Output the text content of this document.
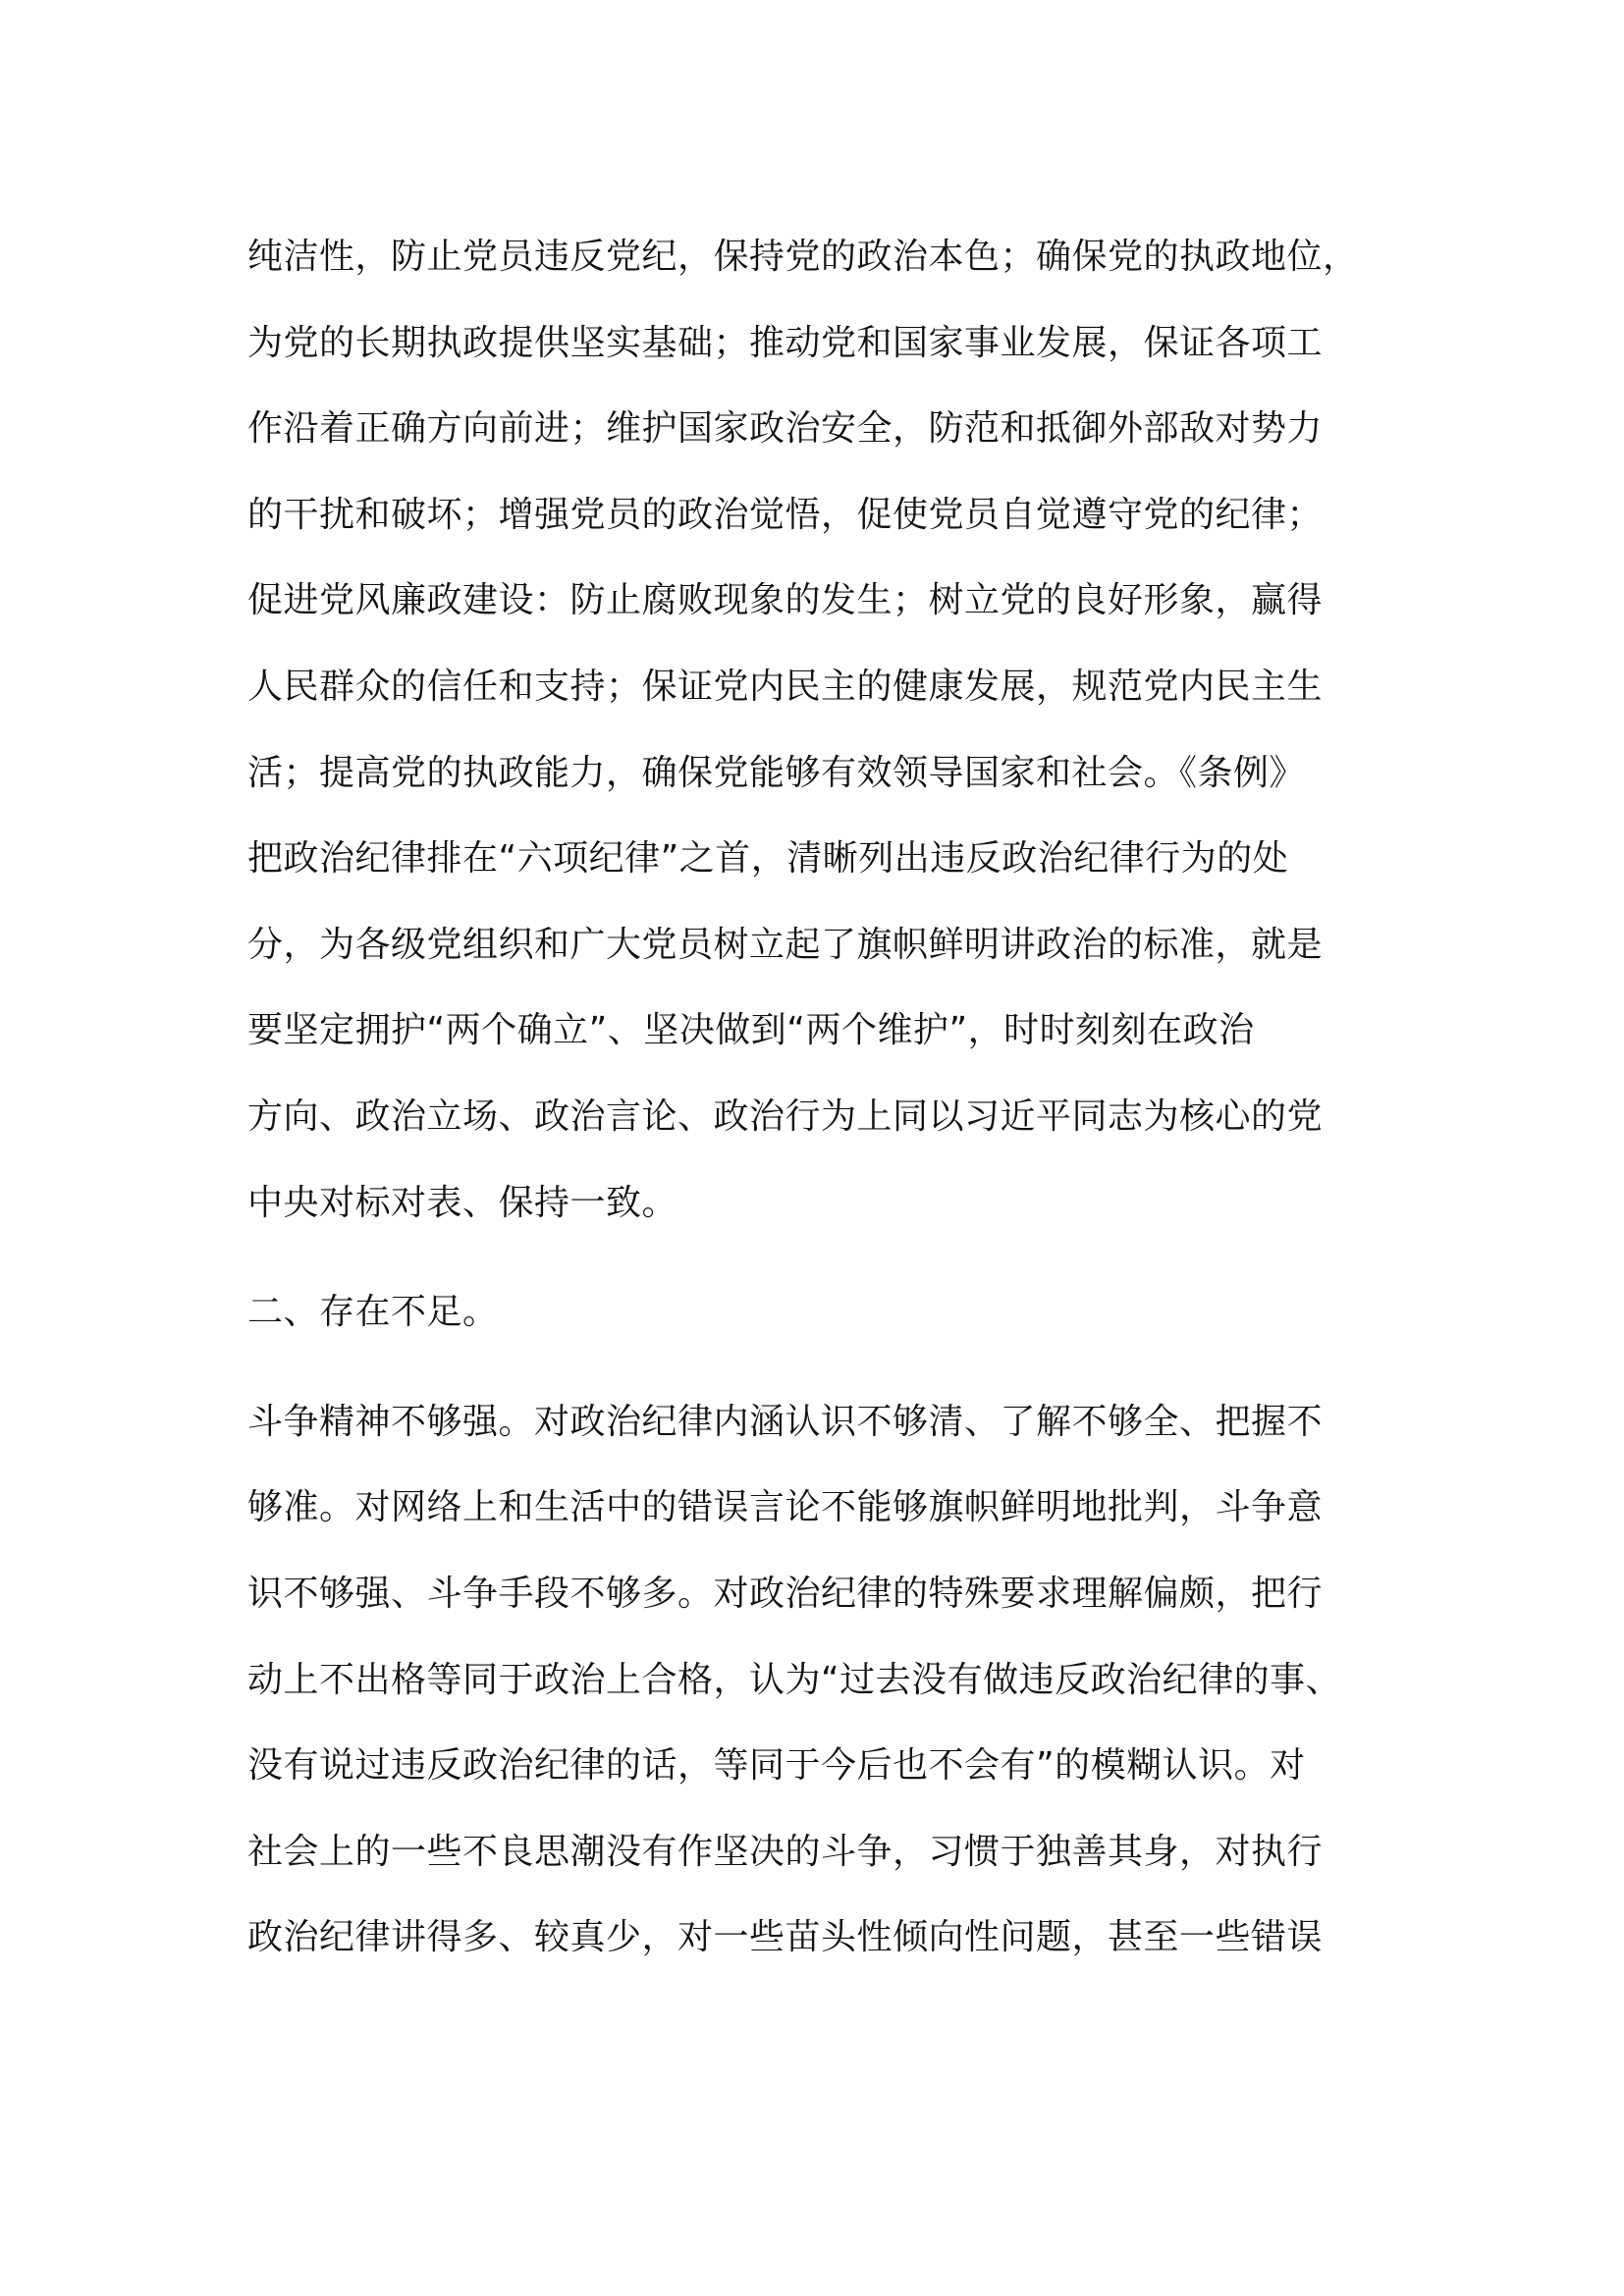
纯洁性，防止党员违反党纪，保持党的政治本色；确保党的执政地位，
为党的长期执政提供坚实基础；推动党和国家事业发展，保证各项工
作沿着正确方向前进；维护国家政治安全，防范和抵御外部敌对势力
的干扰和破坏；增强党员的政治觉悟，促使党员自觉遵守党的纪律；
促进党风廉政建设：防止腐败现象的发生；树立党的良好形象，赢得
人民群众的信任和支持；保证党内民主的健康发展，规范党内民主生
活；提高党的执政能力，确保党能够有效领导国家和社会。《条例》
把政治纪律排在“六项纪律”之首，清晰列出违反政治纪律行为的处
分，为各级党组织和广大党员树立起了旗帜鲜明讲政治的标准，就是
要坚定拥护“两个确立”、坚决做到“两个维护”，时时刻刻在政治
方向、政治立场、政治言论、政治行为上同以习近平同志为核心的党
中央对标对表、保持一致。
二、存在不足。
斗争精神不够强。对政治纪律内涵认识不够清、了解不够全、把握不
够准。对网络上和生活中的错误言论不能够旗帜鲜明地批判，斗争意
识不够强、斗争手段不够多。对政治纪律的特殊要求理解偏颇，把行
动上不出格等同于政治上合格，认为“过去没有做违反政治纪律的事、
没有说过违反政治纪律的话，等同于今后也不会有”的模糊认识。对
社会上的一些不良思潮没有作坚决的斗争，习惯于独善其身，对执行
政治纪律讲得多、较真少，对一些苗头性倾向性问题，甚至一些错误
